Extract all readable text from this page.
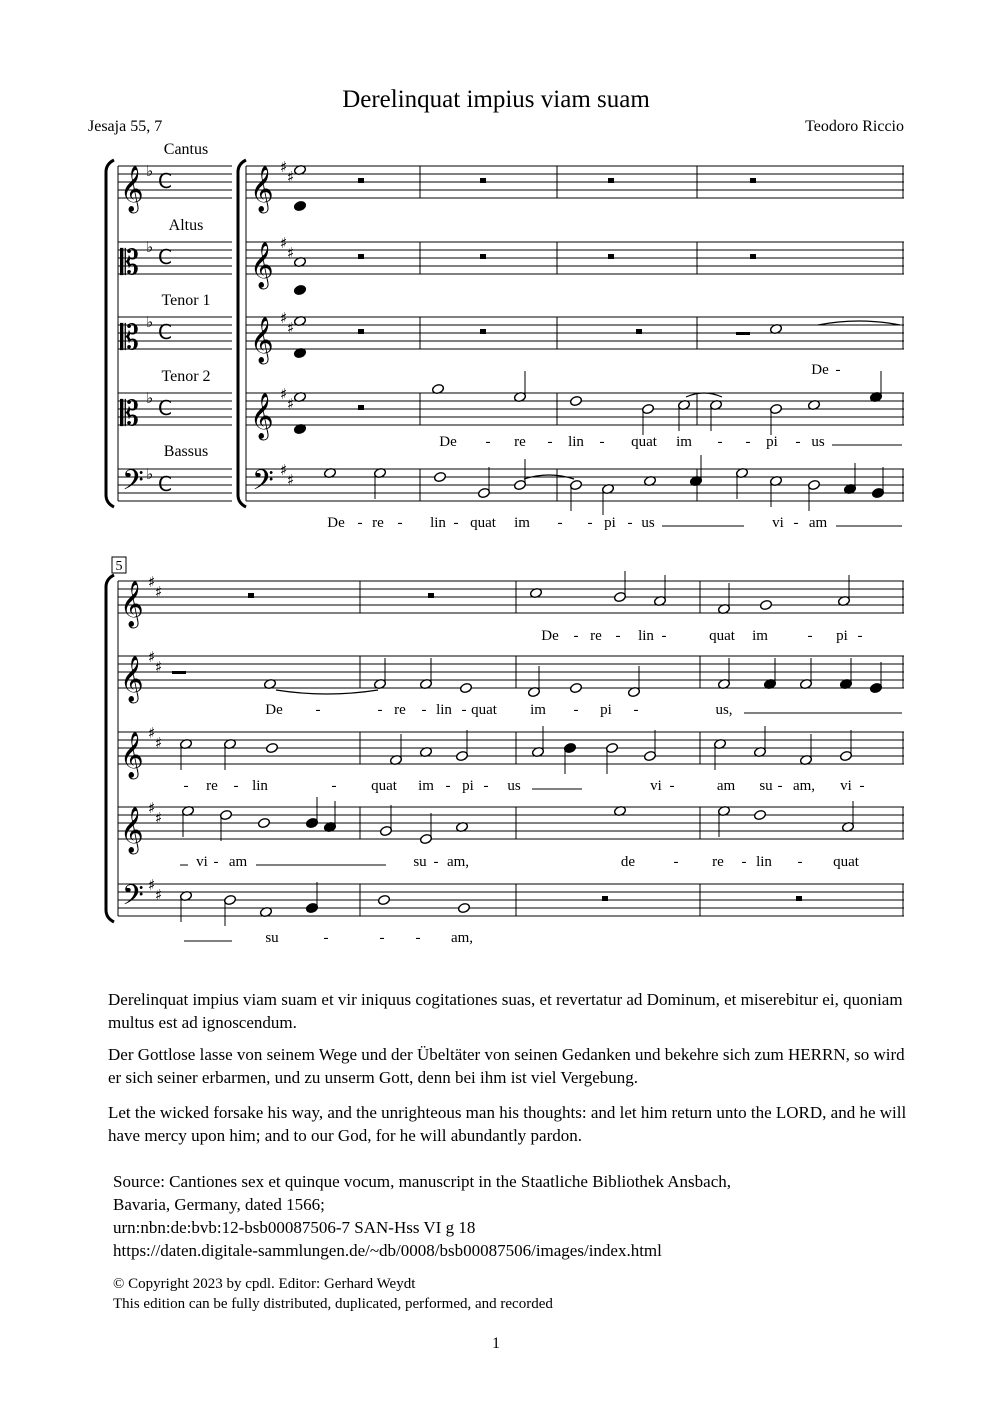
Derelinquat impius viam suam
Jesaja 55, 7	Teodoro Riccio
𝄞
𝄡
𝄡
𝄡
𝄢
𝄞
𝄞
𝄞
𝄞
𝄢
𝄞
𝄞
𝄞
𝄞
𝄢
♭
♭
♭
♭
♭
♯
♯
♯
♯
♯
♯
♯
♯
♯
♯
♯
♯
♯
♯
♯
♯
♯
♯
♯
♯
C
C
C
C
C
Cantus
Altus
Tenor 1
Tenor 2
Bassus
5
De -
De - re - lin - quat im - - pi - us
De - re - lin - quat im - - pi - us	vi - am
De - re - lin -	quat im	- pi -
De -	- re - lin - quat im - pi -	us,
- re - lin	- quat im - pi - us	vi -	am su - am, vi -
vi - am	su - am,	de	- re - lin - quat
su	-	- - am,
Derelinquat impius viam suam et vir iniquus cogitationes suas, et revertatur ad Dominum, et miserebitur ei, quoniam multus est ad ignoscendum.
Der Gottlose lasse von seinem Wege und der Übeltäter von seinen Gedanken und bekehre sich zum HERRN, so wird er sich seiner erbarmen, und zu unserm Gott, denn bei ihm ist viel Vergebung.
Let the wicked forsake his way, and the unrighteous man his thoughts: and let him return unto the LORD, and he will have mercy upon him; and to our God, for he will abundantly pardon.
Source: Cantiones sex et quinque vocum, manuscript in the Staatliche Bibliothek Ansbach,
Bavaria, Germany, dated 1566;
urn:nbn:de:bvb:12-bsb00087506-7 SAN-Hss VI g 18
https://daten.digitale-sammlungen.de/~db/0008/bsb00087506/images/index.html
© Copyright 2023 by cpdl. Editor: Gerhard Weydt
This edition can be fully distributed, duplicated, performed, and recorded
1
